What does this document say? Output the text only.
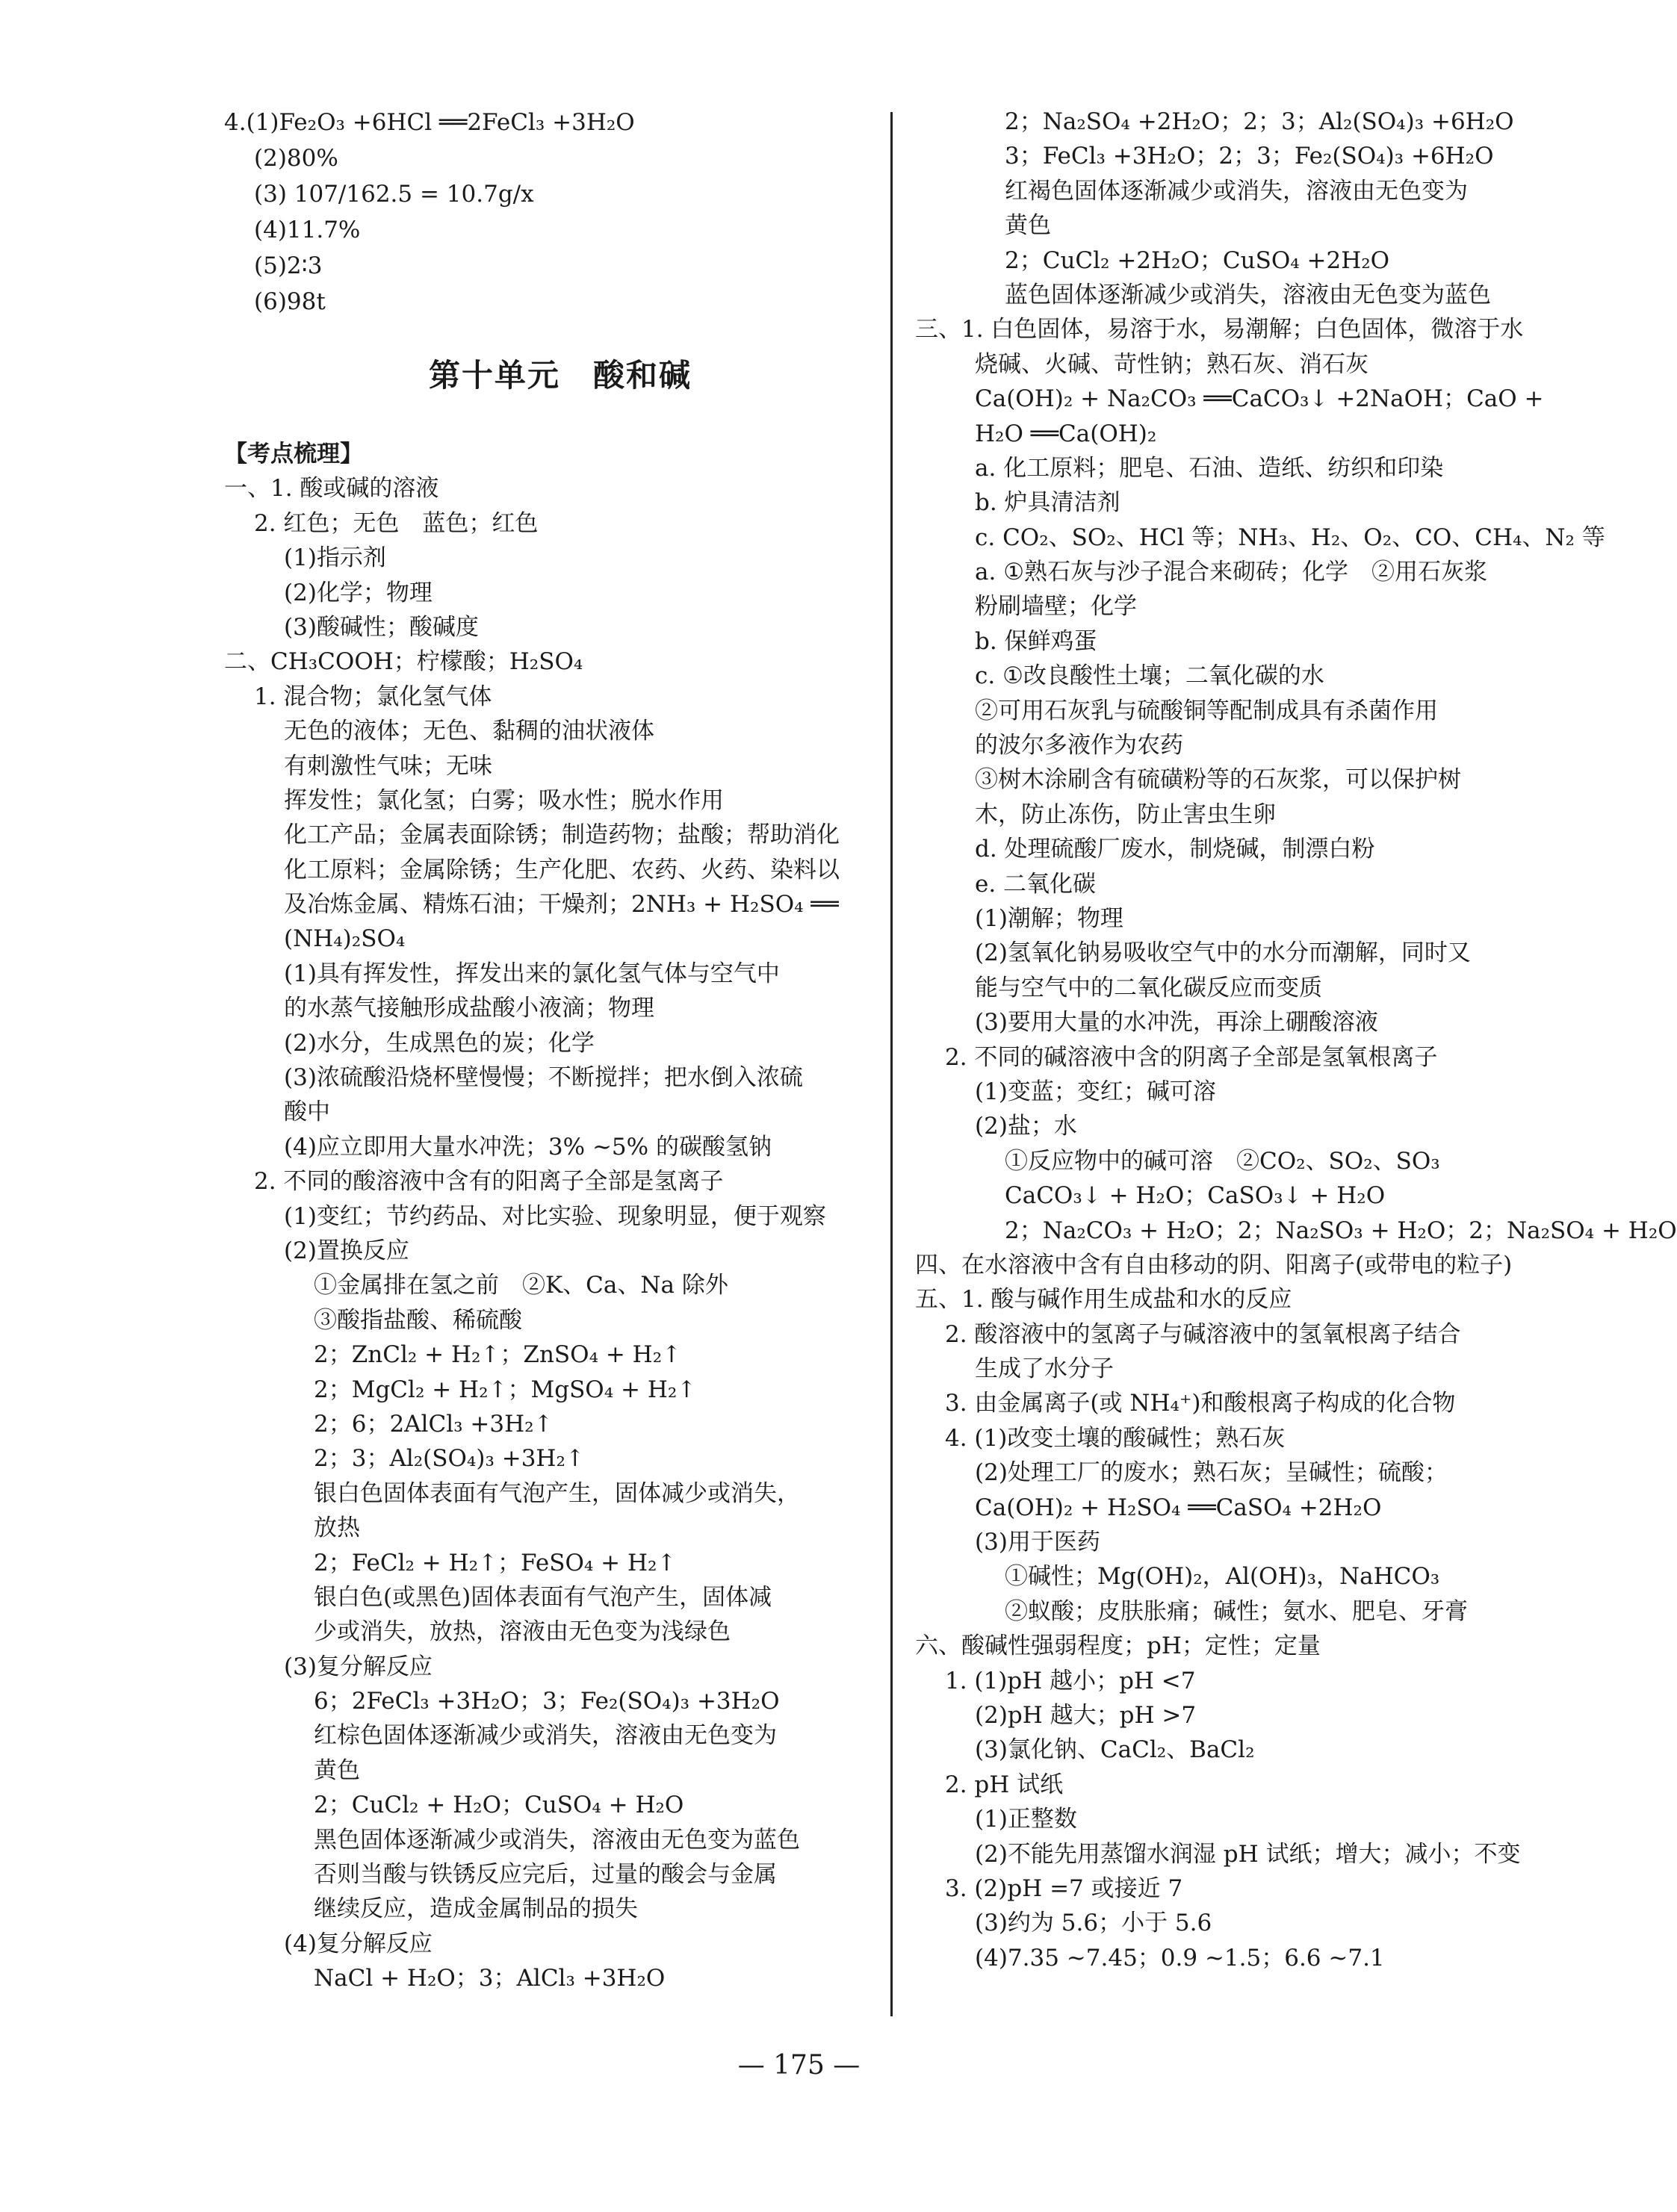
4.(1)Fe₂O₃ +6HCl ══2FeCl₃ +3H₂O
(2)80%
(3) 107/162.5 = 10.7g/x
(4)11.7%
(5)2∶3
(6)98t
第十单元　酸和碱
【考点梳理】
一、1. 酸或碱的溶液
2. 红色；无色　蓝色；红色
(1)指示剂
(2)化学；物理
(3)酸碱性；酸碱度
二、CH₃COOH；柠檬酸；H₂SO₄
1. 混合物；氯化氢气体
无色的液体；无色、黏稠的油状液体
有刺激性气味；无味
挥发性；氯化氢；白雾；吸水性；脱水作用
化工产品；金属表面除锈；制造药物；盐酸；帮助消化
化工原料；金属除锈；生产化肥、农药、火药、染料以
及冶炼金属、精炼石油；干燥剂；2NH₃ + H₂SO₄ ══
(NH₄)₂SO₄
(1)具有挥发性，挥发出来的氯化氢气体与空气中
的水蒸气接触形成盐酸小液滴；物理
(2)水分，生成黑色的炭；化学
(3)浓硫酸沿烧杯壁慢慢；不断搅拌；把水倒入浓硫
酸中
(4)应立即用大量水冲洗；3% ~5% 的碳酸氢钠
2. 不同的酸溶液中含有的阳离子全部是氢离子
(1)变红；节约药品、对比实验、现象明显，便于观察
(2)置换反应
①金属排在氢之前　②K、Ca、Na 除外
③酸指盐酸、稀硫酸
2；ZnCl₂ + H₂↑；ZnSO₄ + H₂↑
2；MgCl₂ + H₂↑；MgSO₄ + H₂↑
2；6；2AlCl₃ +3H₂↑
2；3；Al₂(SO₄)₃ +3H₂↑
银白色固体表面有气泡产生，固体减少或消失，
放热
2；FeCl₂ + H₂↑；FeSO₄ + H₂↑
银白色(或黑色)固体表面有气泡产生，固体减
少或消失，放热，溶液由无色变为浅绿色
(3)复分解反应
6；2FeCl₃ +3H₂O；3；Fe₂(SO₄)₃ +3H₂O
红棕色固体逐渐减少或消失，溶液由无色变为
黄色
2；CuCl₂ + H₂O；CuSO₄ + H₂O
黑色固体逐渐减少或消失，溶液由无色变为蓝色
否则当酸与铁锈反应完后，过量的酸会与金属
继续反应，造成金属制品的损失
(4)复分解反应
NaCl + H₂O；3；AlCl₃ +3H₂O
2；Na₂SO₄ +2H₂O；2；3；Al₂(SO₄)₃ +6H₂O
3；FeCl₃ +3H₂O；2；3；Fe₂(SO₄)₃ +6H₂O
红褐色固体逐渐减少或消失，溶液由无色变为
黄色
2；CuCl₂ +2H₂O；CuSO₄ +2H₂O
蓝色固体逐渐减少或消失，溶液由无色变为蓝色
三、1. 白色固体，易溶于水，易潮解；白色固体，微溶于水
烧碱、火碱、苛性钠；熟石灰、消石灰
Ca(OH)₂ + Na₂CO₃ ══CaCO₃↓ +2NaOH；CaO +
H₂O ══Ca(OH)₂
a. 化工原料；肥皂、石油、造纸、纺织和印染
b. 炉具清洁剂
c. CO₂、SO₂、HCl 等；NH₃、H₂、O₂、CO、CH₄、N₂ 等
a. ①熟石灰与沙子混合来砌砖；化学　②用石灰浆
粉刷墙壁；化学
b. 保鲜鸡蛋
c. ①改良酸性土壤；二氧化碳的水
②可用石灰乳与硫酸铜等配制成具有杀菌作用
的波尔多液作为农药
③树木涂刷含有硫磺粉等的石灰浆，可以保护树
木，防止冻伤，防止害虫生卵
d. 处理硫酸厂废水，制烧碱，制漂白粉
e. 二氧化碳
(1)潮解；物理
(2)氢氧化钠易吸收空气中的水分而潮解，同时又
能与空气中的二氧化碳反应而变质
(3)要用大量的水冲洗，再涂上硼酸溶液
2. 不同的碱溶液中含的阴离子全部是氢氧根离子
(1)变蓝；变红；碱可溶
(2)盐；水
①反应物中的碱可溶　②CO₂、SO₂、SO₃
CaCO₃↓ + H₂O；CaSO₃↓ + H₂O
2；Na₂CO₃ + H₂O；2；Na₂SO₃ + H₂O；2；Na₂SO₄ + H₂O
四、在水溶液中含有自由移动的阴、阳离子(或带电的粒子)
五、1. 酸与碱作用生成盐和水的反应
2. 酸溶液中的氢离子与碱溶液中的氢氧根离子结合
生成了水分子
3. 由金属离子(或 NH₄⁺)和酸根离子构成的化合物
4. (1)改变土壤的酸碱性；熟石灰
(2)处理工厂的废水；熟石灰；呈碱性；硫酸；
Ca(OH)₂ + H₂SO₄ ══CaSO₄ +2H₂O
(3)用于医药
①碱性；Mg(OH)₂，Al(OH)₃，NaHCO₃
②蚁酸；皮肤胀痛；碱性；氨水、肥皂、牙膏
六、酸碱性强弱程度；pH；定性；定量
1. (1)pH 越小；pH <7
(2)pH 越大；pH >7
(3)氯化钠、CaCl₂、BaCl₂
2. pH 试纸
(1)正整数
(2)不能先用蒸馏水润湿 pH 试纸；增大；减小；不变
3. (2)pH =7 或接近 7
(3)约为 5.6；小于 5.6
(4)7.35 ~7.45；0.9 ~1.5；6.6 ~7.1
— 175 —
